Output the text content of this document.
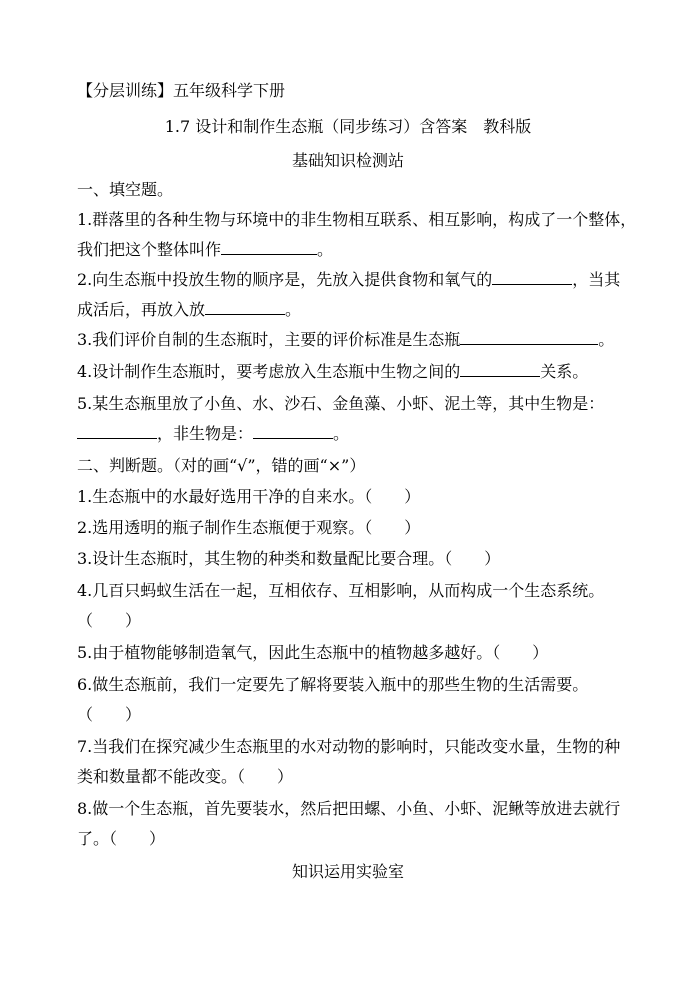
【分层训练】五年级科学下册
1.7 设计和制作生态瓶（同步练习）含答案　教科版
基础知识检测站
一、填空题。
1.群落里的各种生物与环境中的非生物相互联系、相互影响，构成了一个整体，
我们把这个整体叫作	。
2.向生态瓶中投放生物的顺序是，先放入提供食物和氧气的	，当其
成活后，再放入放	。
3.我们评价自制的生态瓶时，主要的评价标准是生态瓶	。
4.设计制作生态瓶时，要考虑放入生态瓶中生物之间的	关系。
5.某生态瓶里放了小鱼、水、沙石、金鱼藻、小虾、泥土等，其中生物是：
，非生物是：	。
二、判断题。（对的画“√”，错的画“×”）
1.生态瓶中的水最好选用干净的自来水。（　　）
2.选用透明的瓶子制作生态瓶便于观察。（　　）
3.设计生态瓶时，其生物的种类和数量配比要合理。（　　）
4.几百只蚂蚁生活在一起，互相依存、互相影响，从而构成一个生态系统。
（　　）
5.由于植物能够制造氧气，因此生态瓶中的植物越多越好。（　　）
6.做生态瓶前，我们一定要先了解将要装入瓶中的那些生物的生活需要。
（　　）
7.当我们在探究减少生态瓶里的水对动物的影响时，只能改变水量，生物的种
类和数量都不能改变。（　　）
8.做一个生态瓶，首先要装水，然后把田螺、小鱼、小虾、泥鳅等放进去就行
了。（　　）
知识运用实验室
